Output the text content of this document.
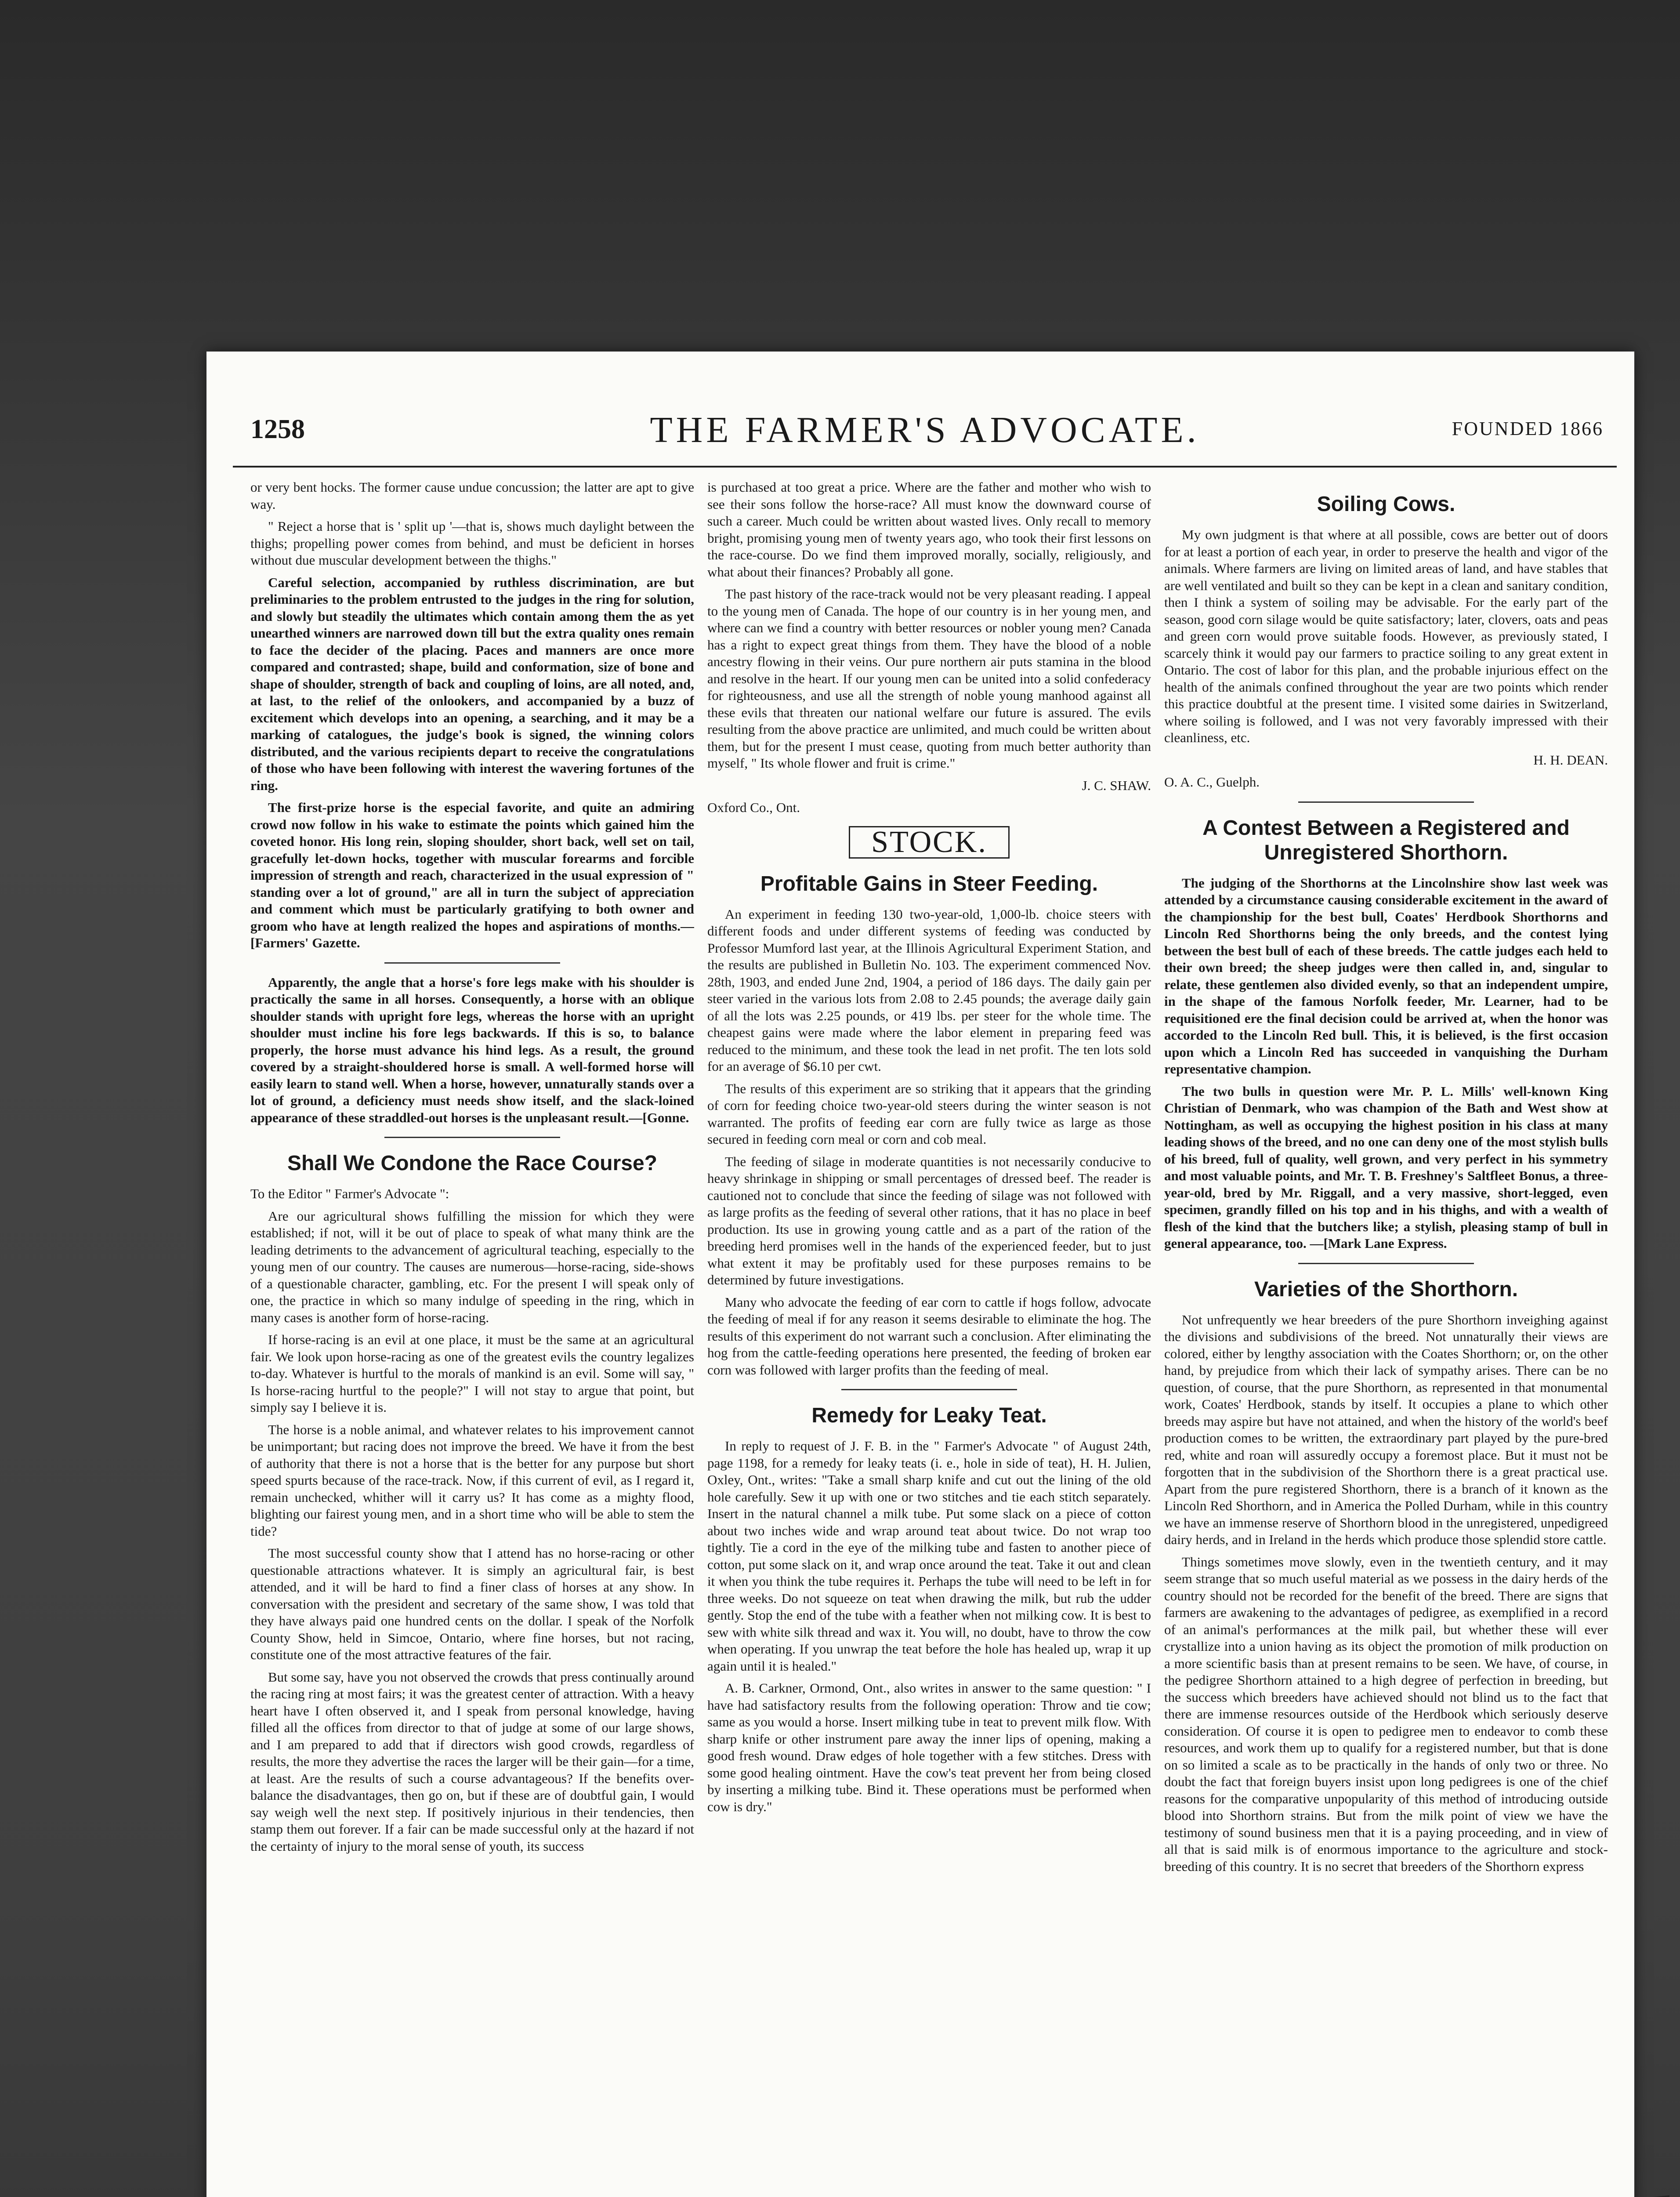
1258	THE FARMER'S ADVOCATE.	FOUNDED 1866

or very bent hocks. The former cause undue concussion; the latter are apt to give way.

" Reject a horse that is ' split up '—that is, shows much daylight between the thighs; propelling power comes from behind, and must be deficient in horses without due muscular development between the thighs."

Careful selection, accompanied by ruthless discrimination, are but preliminaries to the problem entrusted to the judges in the ring for solution, and slowly but steadily the ultimates which contain among them the as yet unearthed winners are narrowed down till but the extra quality ones remain to face the decider of the placing. Paces and manners are once more compared and contrasted; shape, build and conformation, size of bone and shape of shoulder, strength of back and coupling of loins, are all noted, and, at last, to the relief of the onlookers, and accompanied by a buzz of excitement which develops into an opening, a searching, and it may be a marking of catalogues, the judge's book is signed, the winning colors distributed, and the various recipients depart to receive the congratulations of those who have been following with interest the wavering fortunes of the ring.

The first-prize horse is the especial favorite, and quite an admiring crowd now follow in his wake to estimate the points which gained him the coveted honor. His long rein, sloping shoulder, short back, well set on tail, gracefully let-down hocks, together with muscular forearms and forcible impression of strength and reach, characterized in the usual expression of " standing over a lot of ground," are all in turn the subject of appreciation and comment which must be particularly gratifying to both owner and groom who have at length realized the hopes and aspirations of months.—[Farmers' Gazette.

Apparently, the angle that a horse's fore legs make with his shoulder is practically the same in all horses. Consequently, a horse with an oblique shoulder stands with upright fore legs, whereas the horse with an upright shoulder must incline his fore legs backwards. If this is so, to balance properly, the horse must advance his hind legs. As a result, the ground covered by a straight-shouldered horse is small. A well-formed horse will easily learn to stand well. When a horse, however, unnaturally stands over a lot of ground, a deficiency must needs show itself, and the slack-loined appearance of these straddled-out horses is the unpleasant result.—[Gonne.

Shall We Condone the Race Course?

To the Editor " Farmer's Advocate ":

Are our agricultural shows fulfilling the mission for which they were established; if not, will it be out of place to speak of what many think are the leading detriments to the advancement of agricultural teaching, especially to the young men of our country. The causes are numerous—horse-racing, side-shows of a questionable character, gambling, etc. For the present I will speak only of one, the practice in which so many indulge of speeding in the ring, which in many cases is another form of horse-racing.

If horse-racing is an evil at one place, it must be the same at an agricultural fair. We look upon horse-racing as one of the greatest evils the country legalizes to-day. Whatever is hurtful to the morals of mankind is an evil. Some will say, " Is horse-racing hurtful to the people?" I will not stay to argue that point, but simply say I believe it is.

The horse is a noble animal, and whatever relates to his improvement cannot be unimportant; but racing does not improve the breed. We have it from the best of authority that there is not a horse that is the better for any purpose but short speed spurts because of the race-track. Now, if this current of evil, as I regard it, remain unchecked, whither will it carry us? It has come as a mighty flood, blighting our fairest young men, and in a short time who will be able to stem the tide?

The most successful county show that I attend has no horse-racing or other questionable attractions whatever. It is simply an agricultural fair, is best attended, and it will be hard to find a finer class of horses at any show. In conversation with the president and secretary of the same show, I was told that they have always paid one hundred cents on the dollar. I speak of the Norfolk County Show, held in Simcoe, Ontario, where fine horses, but not racing, constitute one of the most attractive features of the fair.

But some say, have you not observed the crowds that press continually around the racing ring at most fairs; it was the greatest center of attraction. With a heavy heart have I often observed it, and I speak from personal knowledge, having filled all the offices from director to that of judge at some of our large shows, and I am prepared to add that if directors wish good crowds, regardless of results, the more they advertise the races the larger will be their gain—for a time, at least. Are the results of such a course advantageous? If the benefits over-balance the disadvantages, then go on, but if these are of doubtful gain, I would say weigh well the next step. If positively injurious in their tendencies, then stamp them out forever. If a fair can be made successful only at the hazard if not the certainty of injury to the moral sense of youth, its success

is purchased at too great a price. Where are the father and mother who wish to see their sons follow the horse-race? All must know the downward course of such a career. Much could be written about wasted lives. Only recall to memory bright, promising young men of twenty years ago, who took their first lessons on the race-course. Do we find them improved morally, socially, religiously, and what about their finances? Probably all gone.

The past history of the race-track would not be very pleasant reading. I appeal to the young men of Canada. The hope of our country is in her young men, and where can we find a country with better resources or nobler young men? Canada has a right to expect great things from them. They have the blood of a noble ancestry flowing in their veins. Our pure northern air puts stamina in the blood and resolve in the heart. If our young men can be united into a solid confederacy for righteousness, and use all the strength of noble young manhood against all these evils that threaten our national welfare our future is assured. The evils resulting from the above practice are unlimited, and much could be written about them, but for the present I must cease, quoting from much better authority than myself, " Its whole flower and fruit is crime."

J. C. SHAW.

Oxford Co., Ont.

STOCK.
Profitable Gains in Steer Feeding.

An experiment in feeding 130 two-year-old, 1,000-lb. choice steers with different foods and under different systems of feeding was conducted by Professor Mumford last year, at the Illinois Agricultural Experiment Station, and the results are published in Bulletin No. 103. The experiment commenced Nov. 28th, 1903, and ended June 2nd, 1904, a period of 186 days. The daily gain per steer varied in the various lots from 2.08 to 2.45 pounds; the average daily gain of all the lots was 2.25 pounds, or 419 lbs. per steer for the whole time. The cheapest gains were made where the labor element in preparing feed was reduced to the minimum, and these took the lead in net profit. The ten lots sold for an average of $6.10 per cwt.

The results of this experiment are so striking that it appears that the grinding of corn for feeding choice two-year-old steers during the winter season is not warranted. The profits of feeding ear corn are fully twice as large as those secured in feeding corn meal or corn and cob meal.

The feeding of silage in moderate quantities is not necessarily conducive to heavy shrinkage in shipping or small percentages of dressed beef. The reader is cautioned not to conclude that since the feeding of silage was not followed with as large profits as the feeding of several other rations, that it has no place in beef production. Its use in growing young cattle and as a part of the ration of the breeding herd promises well in the hands of the experienced feeder, but to just what extent it may be profitably used for these purposes remains to be determined by future investigations.

Many who advocate the feeding of ear corn to cattle if hogs follow, advocate the feeding of meal if for any reason it seems desirable to eliminate the hog. The results of this experiment do not warrant such a conclusion. After eliminating the hog from the cattle-feeding operations here presented, the feeding of broken ear corn was followed with larger profits than the feeding of meal.

Remedy for Leaky Teat.

In reply to request of J. F. B. in the " Farmer's Advocate " of August 24th, page 1198, for a remedy for leaky teats (i. e., hole in side of teat), H. H. Julien, Oxley, Ont., writes: "Take a small sharp knife and cut out the lining of the old hole carefully. Sew it up with one or two stitches and tie each stitch separately. Insert in the natural channel a milk tube. Put some slack on a piece of cotton about two inches wide and wrap around teat about twice. Do not wrap too tightly. Tie a cord in the eye of the milking tube and fasten to another piece of cotton, put some slack on it, and wrap once around the teat. Take it out and clean it when you think the tube requires it. Perhaps the tube will need to be left in for three weeks. Do not squeeze on teat when drawing the milk, but rub the udder gently. Stop the end of the tube with a feather when not milking cow. It is best to sew with white silk thread and wax it. You will, no doubt, have to throw the cow when operating. If you unwrap the teat before the hole has healed up, wrap it up again until it is healed."

A. B. Carkner, Ormond, Ont., also writes in answer to the same question: " I have had satisfactory results from the following operation: Throw and tie cow; same as you would a horse. Insert milking tube in teat to prevent milk flow. With sharp knife or other instrument pare away the inner lips of opening, making a good fresh wound. Draw edges of hole together with a few stitches. Dress with some good healing ointment. Have the cow's teat prevent her from being closed by inserting a milking tube. Bind it. These operations must be performed when cow is dry."

Soiling Cows.

My own judgment is that where at all possible, cows are better out of doors for at least a portion of each year, in order to preserve the health and vigor of the animals. Where farmers are living on limited areas of land, and have stables that are well ventilated and built so they can be kept in a clean and sanitary condition, then I think a system of soiling may be advisable. For the early part of the season, good corn silage would be quite satisfactory; later, clovers, oats and peas and green corn would prove suitable foods. However, as previously stated, I scarcely think it would pay our farmers to practice soiling to any great extent in Ontario. The cost of labor for this plan, and the probable injurious effect on the health of the animals confined throughout the year are two points which render this practice doubtful at the present time. I visited some dairies in Switzerland, where soiling is followed, and I was not very favorably impressed with their cleanliness, etc.

H. H. DEAN.

O. A. C., Guelph.

A Contest Between a Registered and Unregistered Shorthorn.

The judging of the Shorthorns at the Lincolnshire show last week was attended by a circumstance causing considerable excitement in the award of the championship for the best bull, Coates' Herdbook Shorthorns and Lincoln Red Shorthorns being the only breeds, and the contest lying between the best bull of each of these breeds. The cattle judges each held to their own breed; the sheep judges were then called in, and, singular to relate, these gentlemen also divided evenly, so that an independent umpire, in the shape of the famous Norfolk feeder, Mr. Learner, had to be requisitioned ere the final decision could be arrived at, when the honor was accorded to the Lincoln Red bull. This, it is believed, is the first occasion upon which a Lincoln Red has succeeded in vanquishing the Durham representative champion.

The two bulls in question were Mr. P. L. Mills' well-known King Christian of Denmark, who was champion of the Bath and West show at Nottingham, as well as occupying the highest position in his class at many leading shows of the breed, and no one can deny one of the most stylish bulls of his breed, full of quality, well grown, and very perfect in his symmetry and most valuable points, and Mr. T. B. Freshney's Saltfleet Bonus, a three-year-old, bred by Mr. Riggall, and a very massive, short-legged, even specimen, grandly filled on his top and in his thighs, and with a wealth of flesh of the kind that the butchers like; a stylish, pleasing stamp of bull in general appearance, too. —[Mark Lane Express.

Varieties of the Shorthorn.

Not unfrequently we hear breeders of the pure Shorthorn inveighing against the divisions and subdivisions of the breed. Not unnaturally their views are colored, either by lengthy association with the Coates Shorthorn; or, on the other hand, by prejudice from which their lack of sympathy arises. There can be no question, of course, that the pure Shorthorn, as represented in that monumental work, Coates' Herdbook, stands by itself. It occupies a plane to which other breeds may aspire but have not attained, and when the history of the world's beef production comes to be written, the extraordinary part played by the pure-bred red, white and roan will assuredly occupy a foremost place. But it must not be forgotten that in the subdivision of the Shorthorn there is a great practical use. Apart from the pure registered Shorthorn, there is a branch of it known as the Lincoln Red Shorthorn, and in America the Polled Durham, while in this country we have an immense reserve of Shorthorn blood in the unregistered, unpedigreed dairy herds, and in Ireland in the herds which produce those splendid store cattle.

Things sometimes move slowly, even in the twentieth century, and it may seem strange that so much useful material as we possess in the dairy herds of the country should not be recorded for the benefit of the breed. There are signs that farmers are awakening to the advantages of pedigree, as exemplified in a record of an animal's performances at the milk pail, but whether these will ever crystallize into a union having as its object the promotion of milk production on a more scientific basis than at present remains to be seen. We have, of course, in the pedigree Shorthorn attained to a high degree of perfection in breeding, but the success which breeders have achieved should not blind us to the fact that there are immense resources outside of the Herdbook which seriously deserve consideration. Of course it is open to pedigree men to endeavor to comb these resources, and work them up to qualify for a registered number, but that is done on so limited a scale as to be practically in the hands of only two or three. No doubt the fact that foreign buyers insist upon long pedigrees is one of the chief reasons for the comparative unpopularity of this method of introducing outside blood into Shorthorn strains. But from the milk point of view we have the testimony of sound business men that it is a paying proceeding, and in view of all that is said milk is of enormous importance to the agriculture and stock-breeding of this country. It is no secret that breeders of the Shorthorn express
